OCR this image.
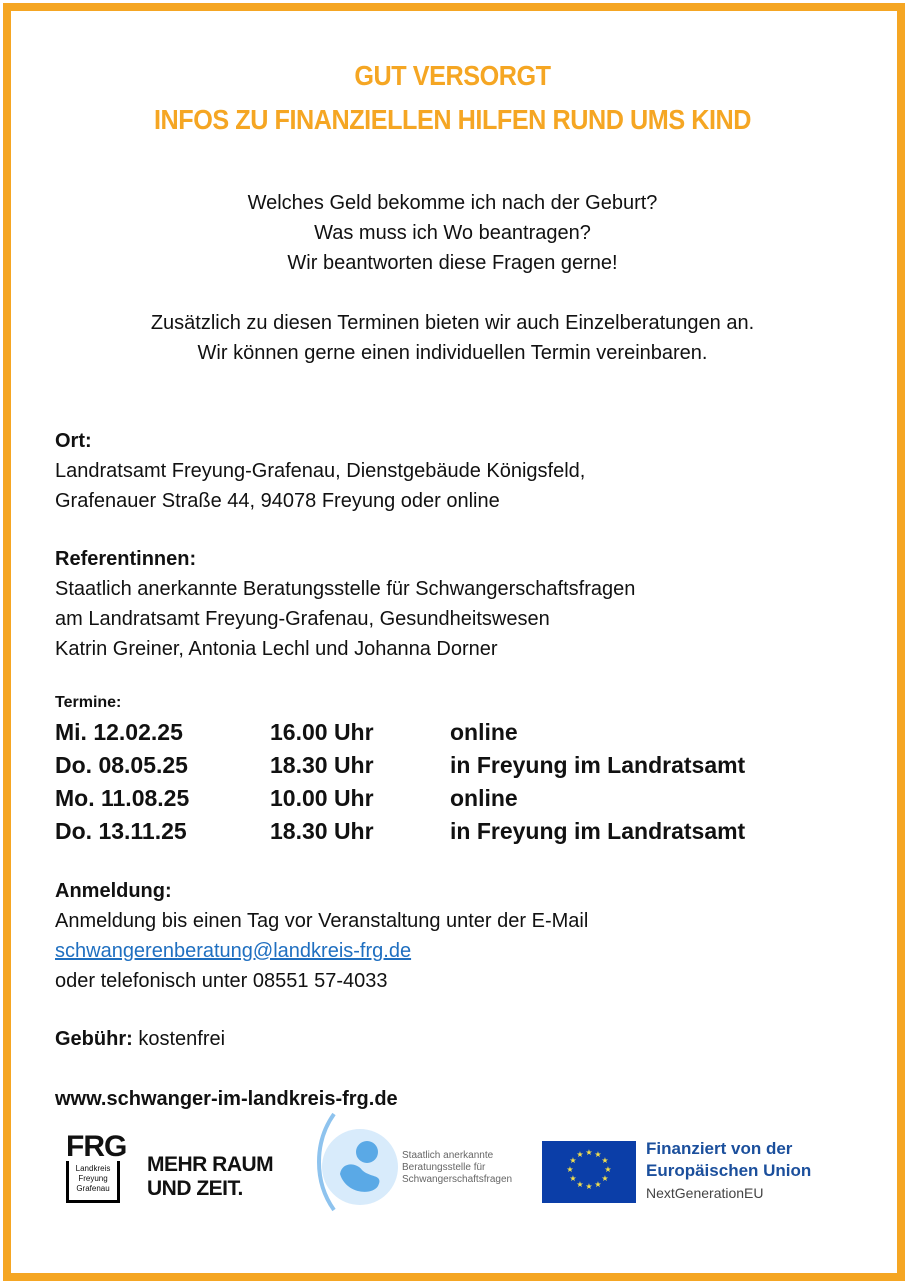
GUT VERSORGT
INFOS ZU FINANZIELLEN HILFEN RUND UMS KIND
Welches Geld bekomme ich nach der Geburt?
Was muss ich Wo beantragen?
Wir beantworten diese Fragen gerne!
Zusätzlich zu diesen Terminen bieten wir auch Einzelberatungen an.
Wir können gerne einen individuellen Termin vereinbaren.
Ort:
Landratsamt Freyung-Grafenau, Dienstgebäude Königsfeld,
Grafenauer Straße 44, 94078 Freyung oder online
Referentinnen:
Staatlich anerkannte Beratungsstelle für Schwangerschaftsfragen
am Landratsamt Freyung-Grafenau, Gesundheitswesen
Katrin Greiner, Antonia Lechl und Johanna Dorner
Termine:
Mi. 12.02.25	16.00 Uhr	online
Do. 08.05.25	18.30 Uhr	in Freyung im Landratsamt
Mo. 11.08.25	10.00 Uhr	online
Do. 13.11.25	18.30 Uhr	in Freyung im Landratsamt
Anmeldung:
Anmeldung bis einen Tag vor Veranstaltung unter der E-Mail
schwangerenberatung@landkreis-frg.de
oder telefonisch unter 08551 57-4033
Gebühr: kostenfrei
www.schwanger-im-landkreis-frg.de
FRG
Landkreis
Freyung
Grafenau
MEHR RAUM
UND ZEIT.
Staatlich anerkannte
Beratungsstelle für
Schwangerschaftsfragen
★ ★
★
★
★
★
★
★
★
★
★
★	Finanziert von der
Europäischen Union
NextGenerationEU
